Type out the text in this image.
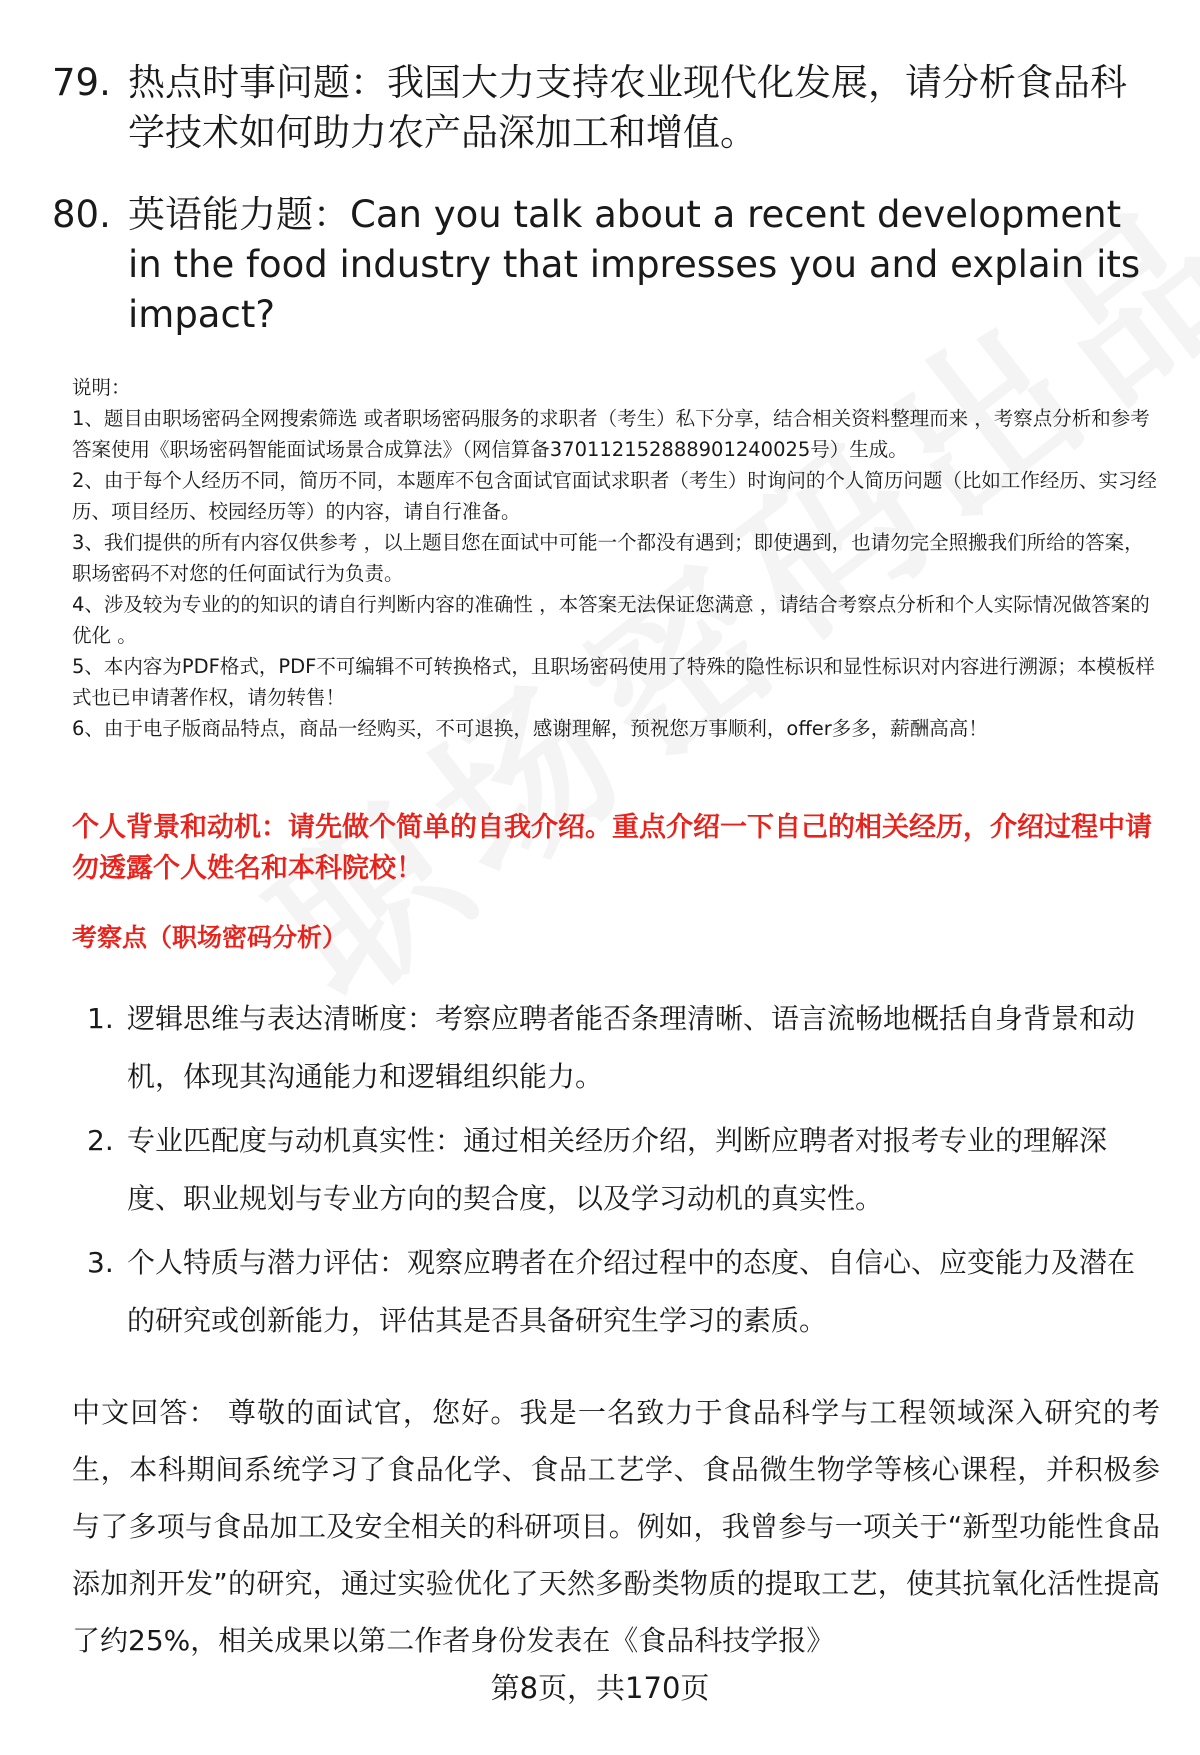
79. 热点时事问题：我国大力支持农业现代化发展，请分析食品科学技术如何助力农产品深加工和增值。
80. 英语能力题：Can you talk about a recent development in the food industry that impresses you and explain its impact?

说明：

1、题目由职场密码全网搜索筛选 或者职场密码服务的求职者（考生）私下分享，结合相关资料整理而来 ，考察点分析和参考答案使用《职场密码智能面试场景合成算法》（网信算备370112152888901240025号）生成。

2、由于每个人经历不同，简历不同，本题库不包含面试官面试求职者（考生）时询问的个人简历问题（比如工作经历、实习经历、项目经历、校园经历等）的内容，请自行准备。

3、我们提供的所有内容仅供参考 ，以上题目您在面试中可能一个都没有遇到；即使遇到，也请勿完全照搬我们所给的答案，职场密码不对您的任何面试行为负责。

4、涉及较为专业的的知识的请自行判断内容的准确性 ，本答案无法保证您满意 ，请结合考察点分析和个人实际情况做答案的优化 。

5、本内容为PDF格式，PDF不可编辑不可转换格式，且职场密码使用了特殊的隐性标识和显性标识对内容进行溯源；本模板样式也已申请著作权，请勿转售！

6、由于电子版商品特点，商品一经购买，不可退换，感谢理解，预祝您万事顺利，offer多多，薪酬高高！

个人背景和动机：请先做个简单的自我介绍。重点介绍一下自己的相关经历，介绍过程中请勿透露个人姓名和本科院校！
考察点（职场密码分析）
1. 逻辑思维与表达清晰度：考察应聘者能否条理清晰、语言流畅地概括自身背景和动机，体现其沟通能力和逻辑组织能力。
2. 专业匹配度与动机真实性：通过相关经历介绍，判断应聘者对报考专业的理解深度、职业规划与专业方向的契合度，以及学习动机的真实性。
3. 个人特质与潜力评估：观察应聘者在介绍过程中的态度、自信心、应变能力及潜在的研究或创新能力，评估其是否具备研究生学习的素质。
中文回答： 尊敬的面试官，您好。我是一名致力于食品科学与工程领域深入研究的考生，本科期间系统学习了食品化学、食品工艺学、食品微生物学等核心课程，并积极参与了多项与食品加工及安全相关的科研项目。例如，我曾参与一项关于“新型功能性食品添加剂开发”的研究，通过实验优化了天然多酚类物质的提取工艺，使其抗氧化活性提高了约25%，相关成果以第二作者身份发表在《食品科技学报》
第8页，共170页
